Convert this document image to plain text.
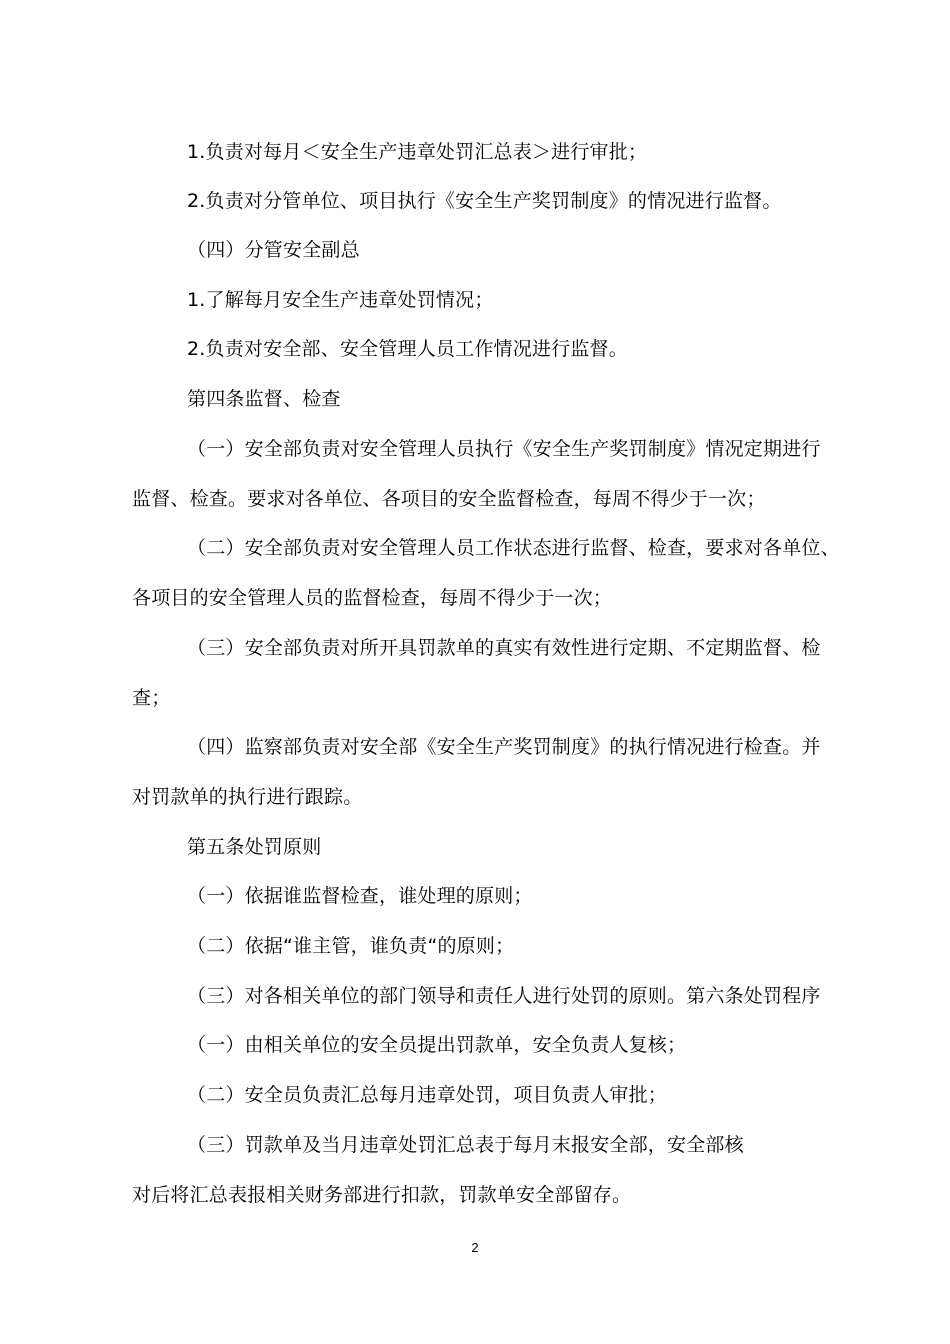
1.负责对每月＜安全生产违章处罚汇总表＞进行审批；
2.负责对分管单位、项目执行《安全生产奖罚制度》的情况进行监督。
（四）分管安全副总
1.了解每月安全生产违章处罚情况；
2.负责对安全部、安全管理人员工作情况进行监督。
第四条监督、检查
（一）安全部负责对安全管理人员执行《安全生产奖罚制度》情况定期进行
监督、检查。要求对各单位、各项目的安全监督检查，每周不得少于一次；
（二）安全部负责对安全管理人员工作状态进行监督、检查，要求对各单位、
各项目的安全管理人员的监督检查，每周不得少于一次；
（三）安全部负责对所开具罚款单的真实有效性进行定期、不定期监督、检
查；
（四）监察部负责对安全部《安全生产奖罚制度》的执行情况进行检查。并
对罚款单的执行进行跟踪。
第五条处罚原则
（一）依据谁监督检查，谁处理的原则；
（二）依据“谁主管，谁负责“的原则；
（三）对各相关单位的部门领导和责任人进行处罚的原则。第六条处罚程序
（一）由相关单位的安全员提出罚款单，安全负责人复核；
（二）安全员负责汇总每月违章处罚，项目负责人审批；
（三）罚款单及当月违章处罚汇总表于每月末报安全部，安全部核
对后将汇总表报相关财务部进行扣款，罚款单安全部留存。
2
